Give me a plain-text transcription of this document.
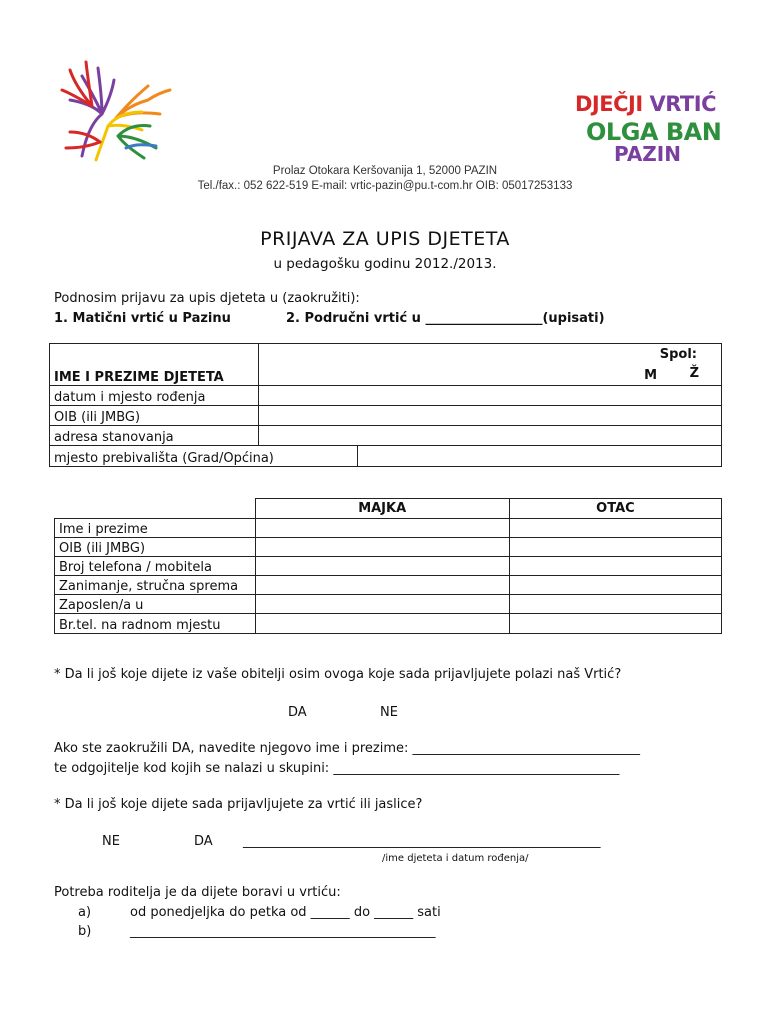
DJEČJI VRTIĆ
OLGA BAN
PAZIN
Prolaz Otokara Keršovanija 1, 52000 PAZIN
Tel./fax.: 052 622-519 E-mail: vrtic-pazin@pu.t-com.hr OIB: 05017253133
PRIJAVA ZA UPIS DJETETA
u pedagošku godinu 2012./2013.
Podnosim prijavu za upis djeteta u (zaokružiti):
1. Matični vrtić u Pazinu	2. Područni vrtić u __________________(upisati)
IME I PREZIME DJETETA	Spol:
M Ž	

datum i mjesto rođenja		
OIB (ili JMBG)		
adresa stanovanja		
mjesto prebivališta (Grad/Općina)		
	MAJKA	OTAC
Ime i prezime		
OIB (ili JMBG)		
Broj telefona / mobitela		
Zanimanje, stručna sprema		
Zaposlen/a u		
Br.tel. na radnom mjestu		
* Da li još koje dijete iz vaše obitelji osim ovoga koje sada prijavljujete polazi naš Vrtić?
DA	NE
Ako ste zaokružili DA, navedite njegovo ime i prezime: ___________________________________
te odgojitelje kod kojih se nalazi u skupini: ____________________________________________
* Da li još koje dijete sada prijavljujete za vrtić ili jaslice?
NE	DA _______________________________________________________
/ime djeteta i datum rođenja/
Potreba roditelja je da dijete boravi u vrtiću:
a)	od ponedjeljka do petka od ______ do ______ sati
b)	_______________________________________________
